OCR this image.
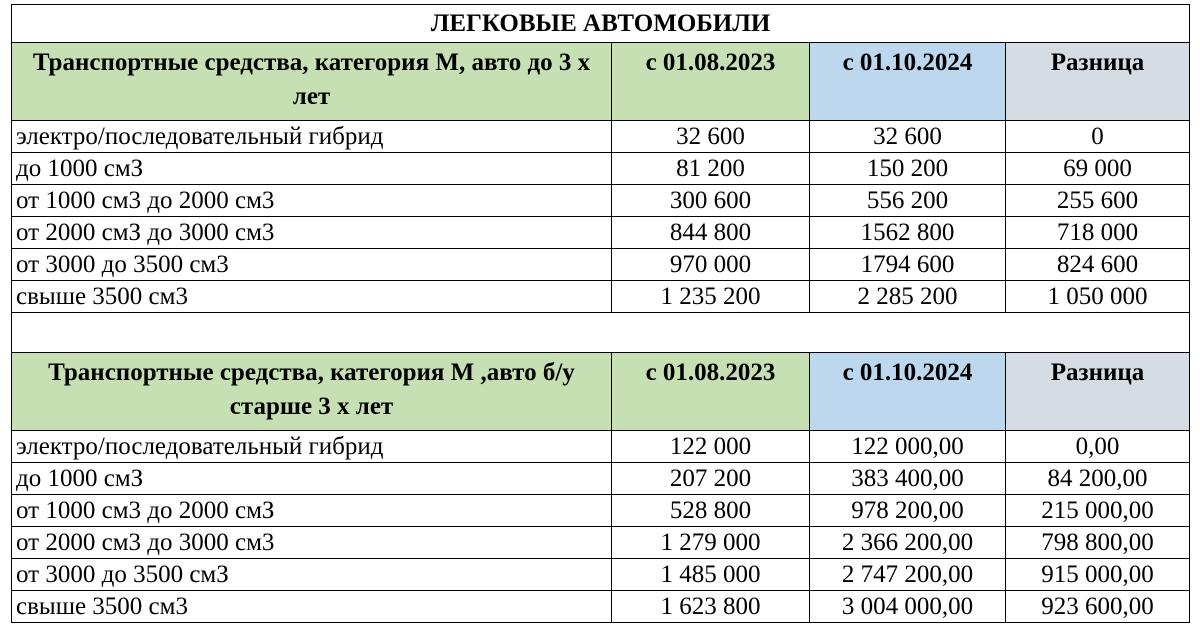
ЛЕГКОВЫЕ АВТОМОБИЛИ			
Транспортные средства, категория М, авто до 3 х лет	с 01.08.2023	с 01.10.2024	Разница
электро/последовательный гибрид	32 600	32 600	0
до 1000 смЗ	81 200	150 200	69 000
от 1000 см3 до 2000 см3	300 600	556 200	255 600
от 2000 смЗ до 3000 см3	844 800	1562 800	718 000
от 3000 до 3500 см3	970 000	1794 600	824 600
свыше 3500 см3	1 235 200	2 285 200	1 050 000

Транспортные средства, категория М ,авто б/у старше 3 х лет	с 01.08.2023	с 01.10.2024	Разница
электро/последовательный гибрид	122 000	122 000,00	0,00
до 1000 смЗ	207 200	383 400,00	84 200,00
от 1000 см3 до 2000 смЗ	528 800	978 200,00	215 000,00
от 2000 см3 до 3000 см3	1 279 000	2 366 200,00	798 800,00
от 3000 до 3500 смЗ	1 485 000	2 747 200,00	915 000,00
свыше 3500 см3	1 623 800	3 004 000,00	923 600,00
